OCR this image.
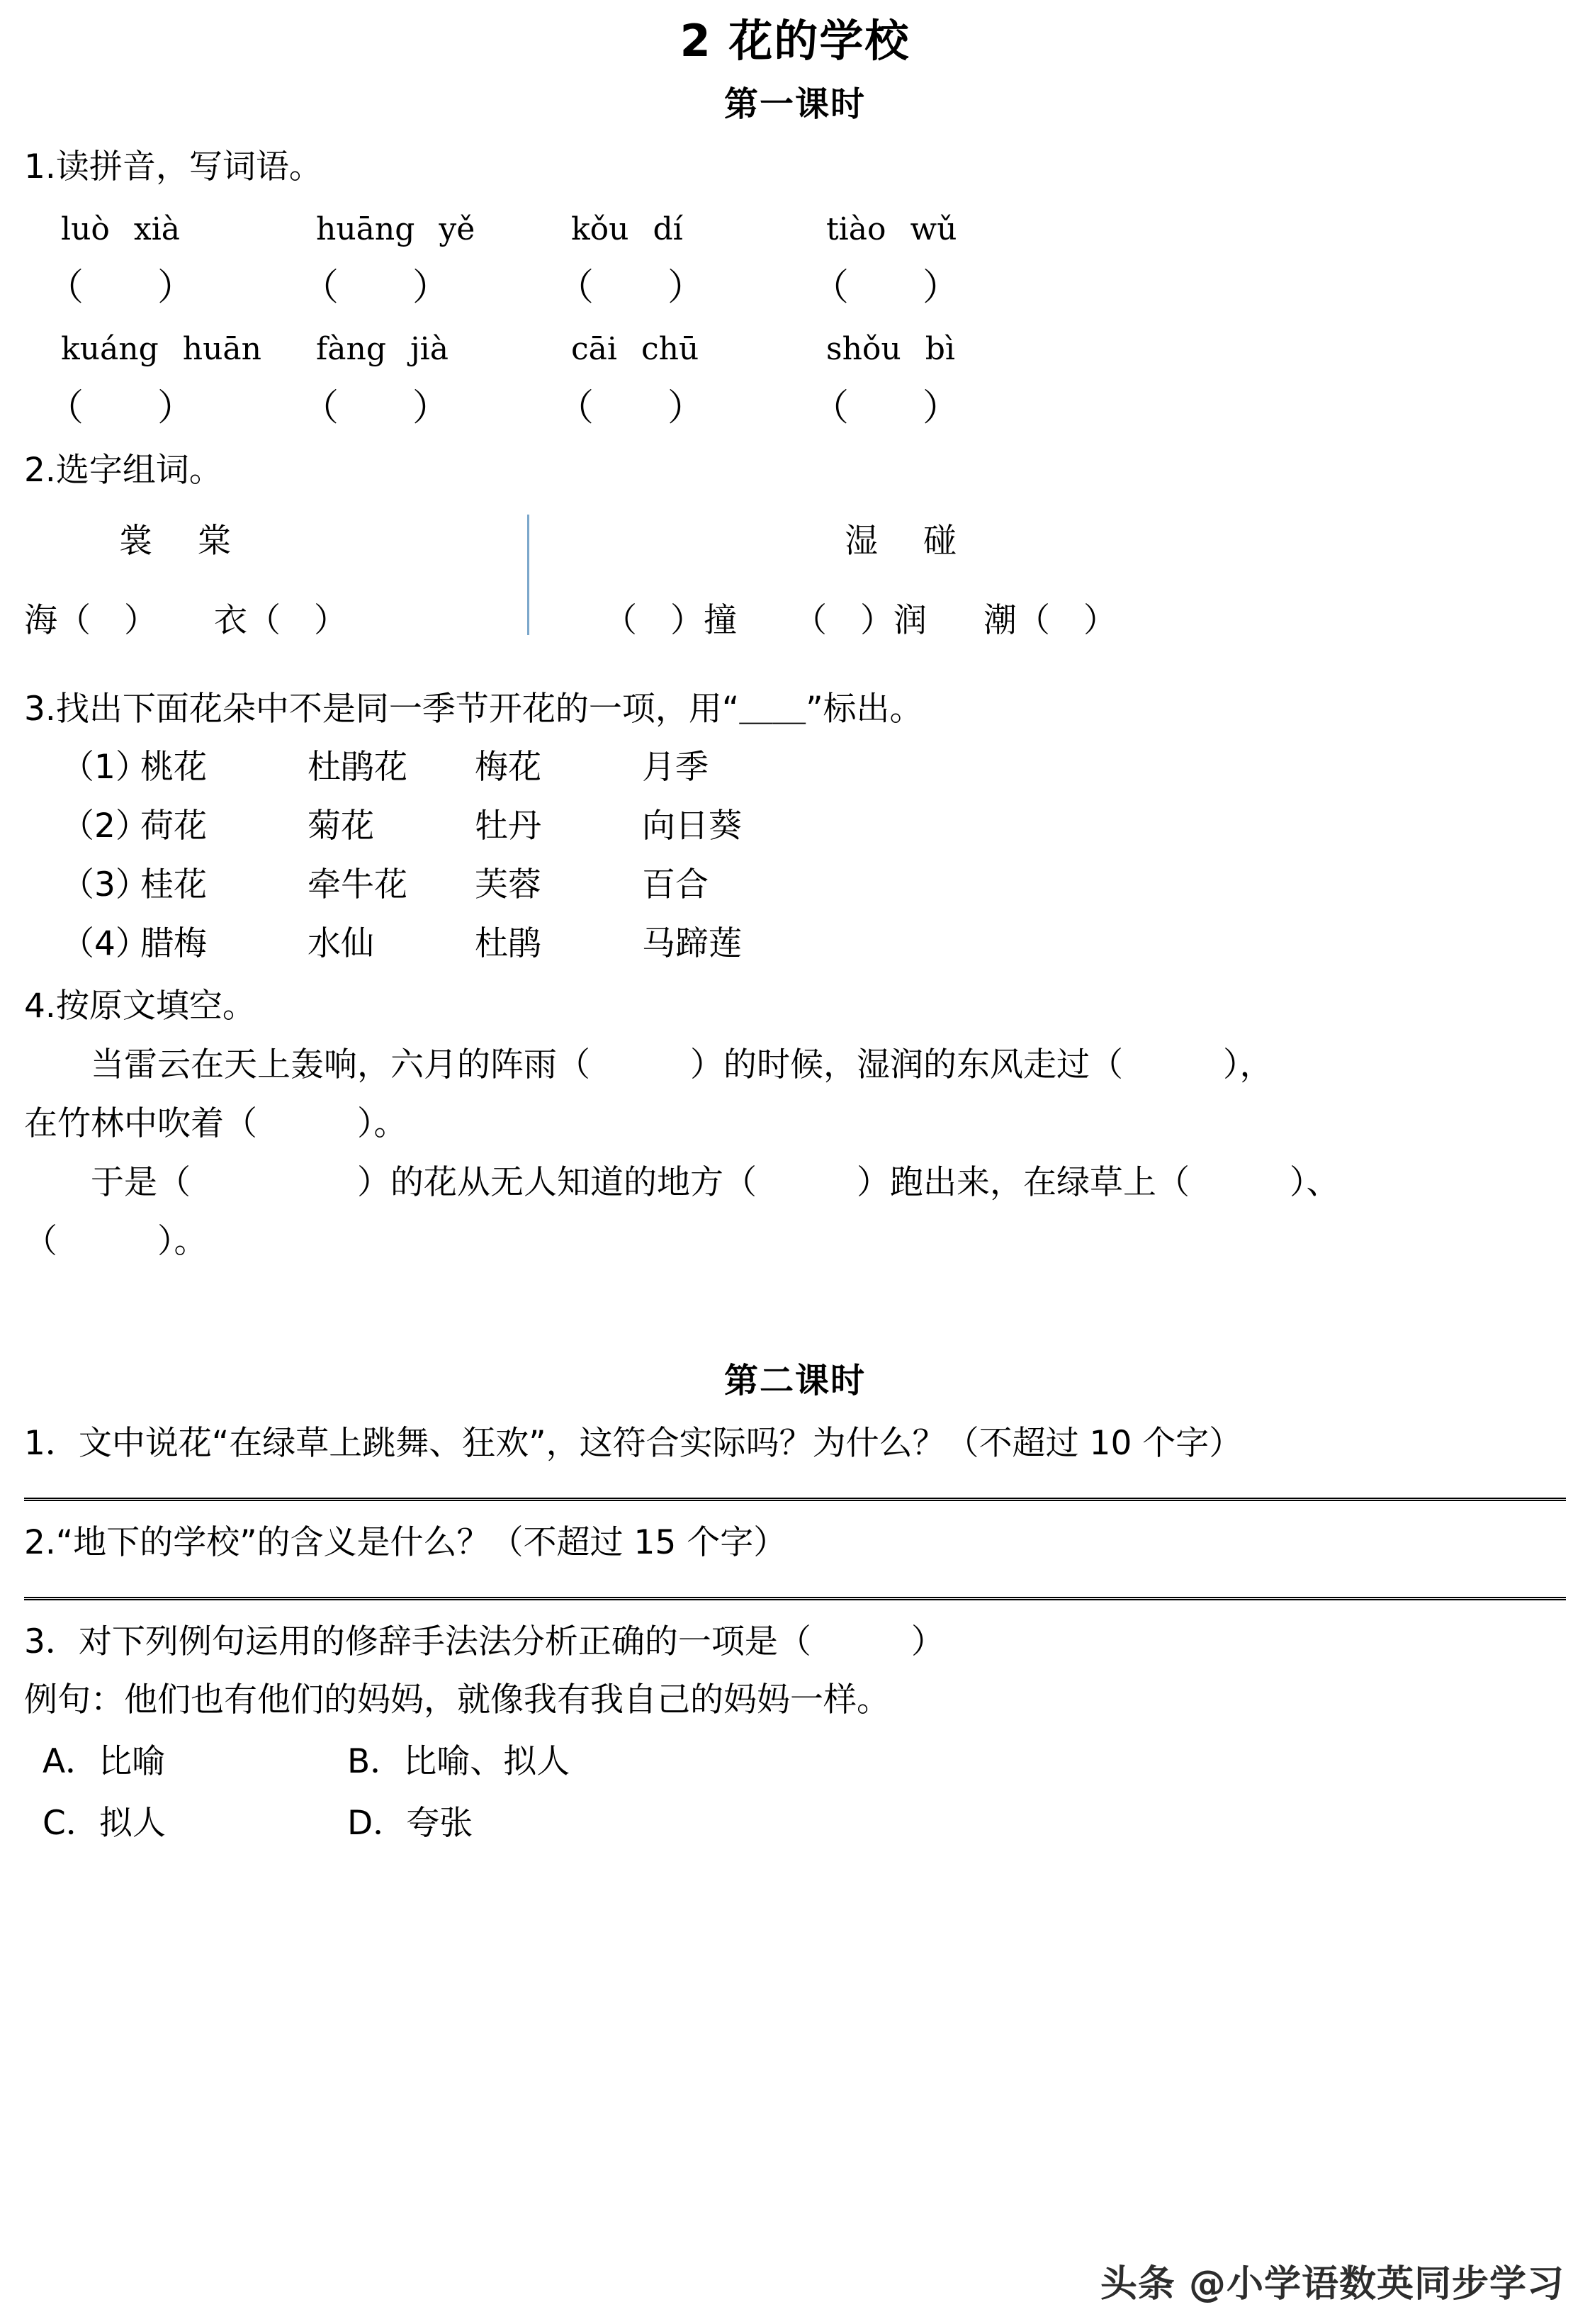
2 花的学校
第一课时
1.读拼音，写词语。
luò xià	huāng yě	kǒu dí	tiào wǔ
（　　）	（　　）	（　　）	（　　）
kuáng huān	fàng jià	cāi chū	shǒu bì
（　　）	（　　）	（　　）	（　　）
2.选字组词。
裳 棠	湿 碰
海（　） 衣（　）	（　）撞 （　）润 潮（　）
3.找出下面花朵中不是同一季节开花的一项，用“＿＿”标出。
（1）
桃花	杜鹃花	梅花	月季
（2）
荷花	菊花	牡丹	向日葵
（3）
桂花	牵牛花	芙蓉	百合
（4）
腊梅	水仙	杜鹃	马蹄莲
4.按原文填空。
当雷云在天上轰响，六月的阵雨（　　　）的时候，湿润的东风走过（　　　），
在竹林中吹着（　　　）。
于是（　　　　　）的花从无人知道的地方（　　　）跑出来，在绿草上（　　　）、
（　　　）。
第二课时
1．文中说花“在绿草上跳舞、狂欢”，这符合实际吗？为什么？（不超过 10 个字）
2.“地下的学校”的含义是什么？（不超过 15 个字）
3．对下列例句运用的修辞手法法分析正确的一项是（　　　）
例句：他们也有他们的妈妈，就像我有我自己的妈妈一样。
A．比喻	B．比喻、拟人
C．拟人	D．夸张
头条 @小学语数英同步学习
